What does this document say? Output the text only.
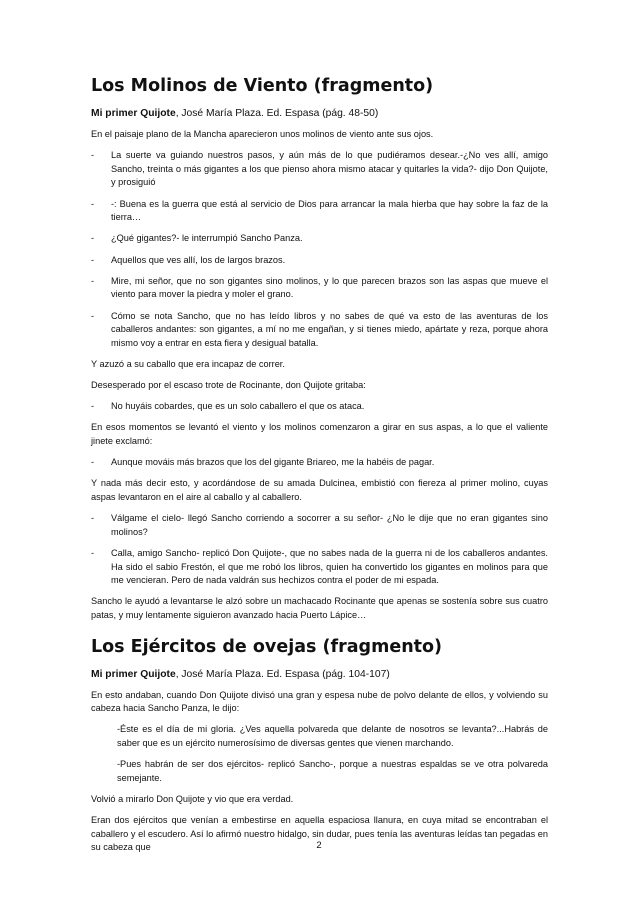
Los Molinos de Viento (fragmento)
Mi primer Quijote, José María Plaza. Ed. Espasa (pág. 48-50)

En el paisaje plano de la Mancha aparecieron unos molinos de viento ante sus ojos.

-	La suerte va guiando nuestros pasos, y aún más de lo que pudiéramos desear.-¿No ves allí, amigo Sancho, treinta o más gigantes a los que pienso ahora mismo atacar y quitarles la vida?- dijo Don Quijote, y prosiguió
-	-: Buena es la guerra que está al servicio de Dios para arrancar la mala hierba que hay sobre la faz de la tierra…
-	¿Qué gigantes?- le interrumpió Sancho Panza.
-	Aquellos que ves allí, los de largos brazos.
-	Mire, mi señor, que no son gigantes sino molinos, y lo que parecen brazos son las aspas que mueve el viento para mover la piedra y moler el grano.
-	Cómo se nota Sancho, que no has leído libros y no sabes de qué va esto de las aventuras de los caballeros andantes: son gigantes, a mí no me engañan, y si tienes miedo, apártate y reza, porque ahora mismo voy a entrar en esta fiera y desigual batalla.

Y azuzó a su caballo que era incapaz de correr.

Desesperado por el escaso trote de Rocinante, don Quijote gritaba:

-	No huyáis cobardes, que es un solo caballero el que os ataca.

En esos momentos se levantó el viento y los molinos comenzaron a girar en sus aspas, a lo que el valiente jinete exclamó:

-	Aunque mováis más brazos que los del gigante Briareo, me la habéis de pagar.

Y nada más decir esto, y acordándose de su amada Dulcinea, embistió con fiereza al primer molino, cuyas aspas levantaron en el aire al caballo y al caballero.

-	Válgame el cielo- llegó Sancho corriendo a socorrer a su señor- ¿No le dije que no eran gigantes sino molinos?
-	Calla, amigo Sancho- replicó Don Quijote-, que no sabes nada de la guerra ni de los caballeros andantes. Ha sido el sabio Frestón, el que me robó los libros, quien ha convertido los gigantes en molinos para que me vencieran. Pero de nada valdrán sus hechizos contra el poder de mi espada.

Sancho le ayudó a levantarse le alzó sobre un machacado Rocinante que apenas se sostenía sobre sus cuatro patas, y muy lentamente siguieron avanzado hacia Puerto Lápice…

Los Ejércitos de ovejas (fragmento)
Mi primer Quijote, José María Plaza. Ed. Espasa (pág. 104-107)

En esto andaban, cuando Don Quijote divisó una gran y espesa nube de polvo delante de ellos, y volviendo su cabeza hacia Sancho Panza, le dijo:

-Éste es el día de mi gloria. ¿Ves aquella polvareda que delante de nosotros se levanta?...Habrás de saber que es un ejército numerosísimo de diversas gentes que vienen marchando.
-Pues habrán de ser dos ejércitos- replicó Sancho-, porque a nuestras espaldas se ve otra polvareda semejante.

Volvió a mirarlo Don Quijote y vio que era verdad.

Eran dos ejércitos que venían a embestirse en aquella espaciosa llanura, en cuya mitad se encontraban el caballero y el escudero. Así lo afirmó nuestro hidalgo, sin dudar, pues tenía las aventuras leídas tan pegadas en su cabeza que	2
